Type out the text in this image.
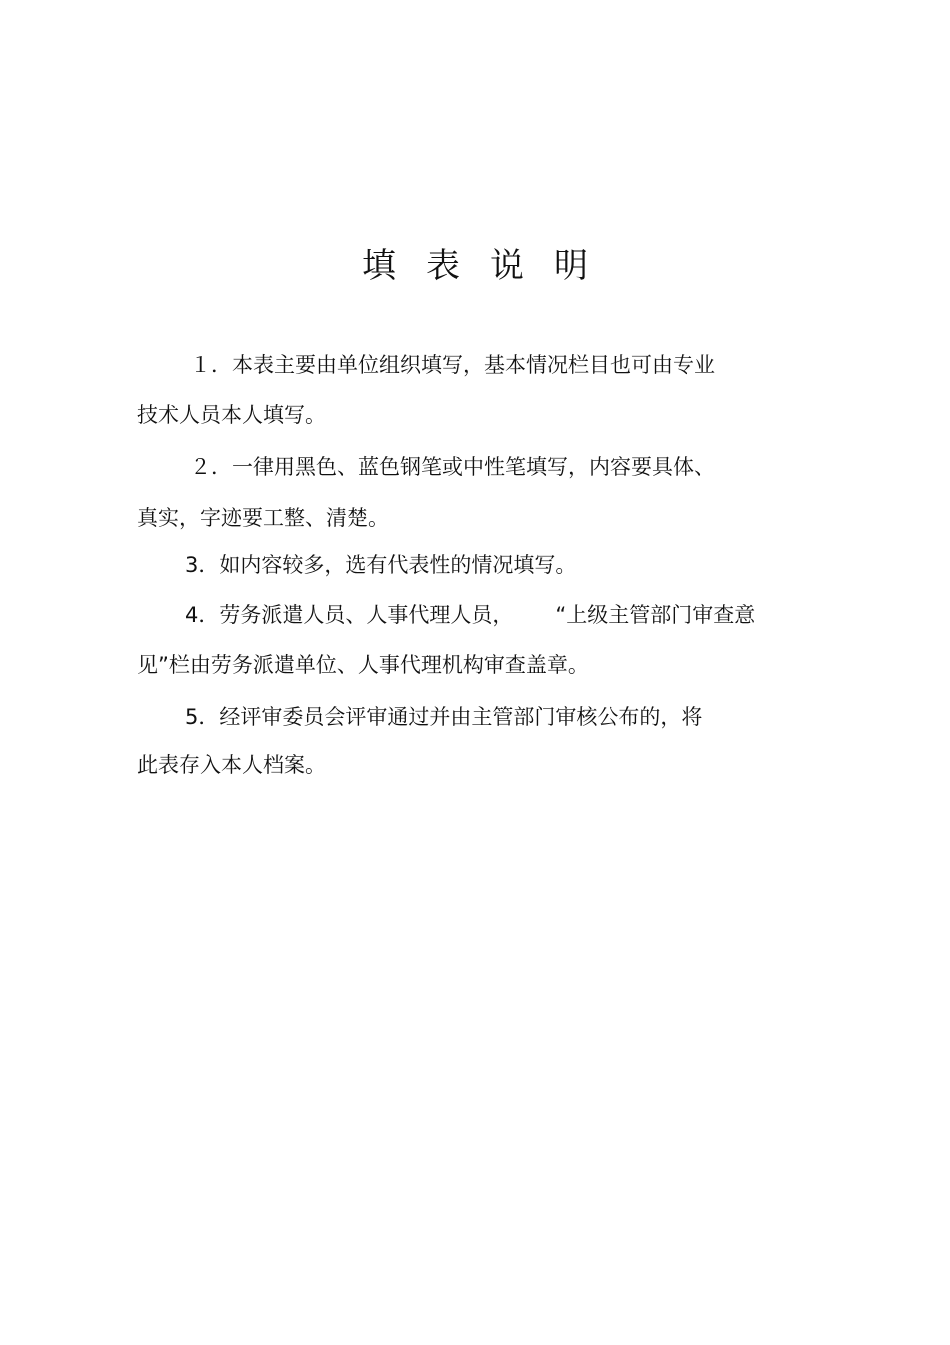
填表说明

１．本表主要由单位组织填写，基本情况栏目也可由专业

技术人员本人填写。

２．一律用黑色、蓝色钢笔或中性笔填写，内容要具体、

真实，字迹要工整、清楚。

3．如内容较多，选有代表性的情况填写。

4．劳务派遣人员、人事代理人员， “上级主管部门审查意

见”栏由劳务派遣单位、人事代理机构审查盖章。

5．经评审委员会评审通过并由主管部门审核公布的，将

此表存入本人档案。
